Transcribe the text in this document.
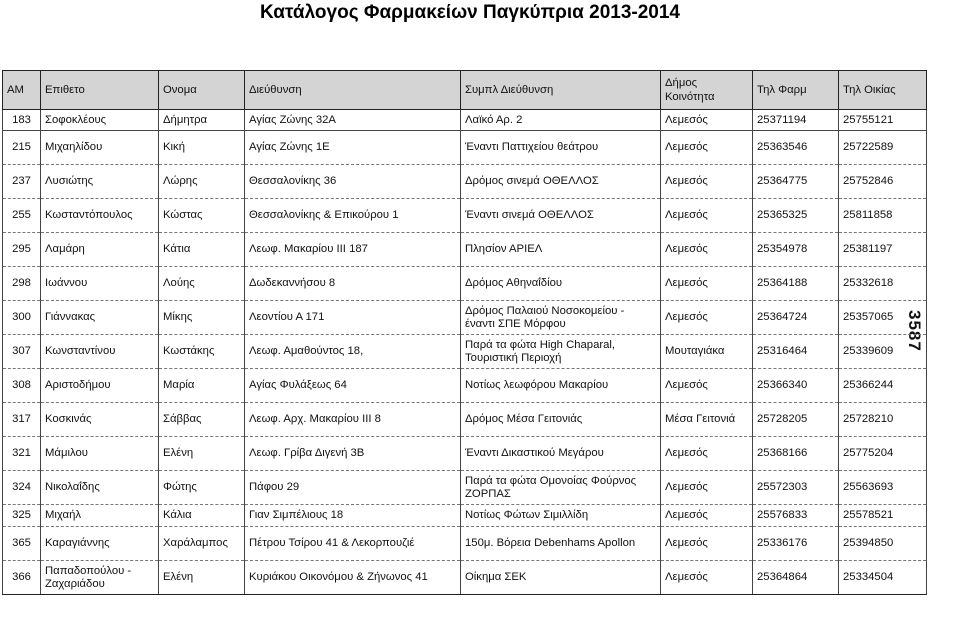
Κατάλογος Φαρμακείων Παγκύπρια 2013-2014
3587
AM	Επιθετο	Ονομα	Διεύθυνση	Συμπλ Διεύθυνση	Δήμος Κοινότητα	Τηλ Φαρμ	Τηλ Οικίας
183	Σοφοκλέους	Δήμητρα	Αγίας Ζώνης 32Α	Λαϊκό Αρ. 2	Λεμεσός	25371194	25755121
215	Μιχαηλίδου	Κική	Αγίας Ζώνης 1Ε	Έναντι Παττιχείου θεάτρου	Λεμεσός	25363546	25722589
237	Λυσιώτης	Λώρης	Θεσσαλονίκης 36	Δρόμος σινεμά ΟΘΕΛΛΟΣ	Λεμεσός	25364775	25752846
255	Κωσταντόπουλος	Κώστας	Θεσσαλονίκης & Επικούρου 1	Έναντι σινεμά ΟΘΕΛΛΟΣ	Λεμεσός	25365325	25811858
295	Λαμάρη	Κάτια	Λεωφ. Μακαρίου ΙΙΙ 187	Πλησίον ΑΡΙΕΛ	Λεμεσός	25354978	25381197
298	Ιωάννου	Λούης	Δωδεκαννήσου 8	Δρόμος Αθηναΐδίου	Λεμεσός	25364188	25332618
300	Γιάννακας	Μίκης	Λεοντίου Α 171	Δρόμος Παλαιού Νοσοκομείου - έναντι ΣΠΕ Μόρφου	Λεμεσός	25364724	25357065
307	Κωνσταντίνου	Κωστάκης	Λεωφ. Αμαθούντος 18,	Παρά τα φώτα High Chaparal, Τουριστική Περιοχή	Μουταγιάκα	25316464	25339609
308	Αριστοδήμου	Μαρία	Αγίας Φυλάξεως 64	Νοτίως λεωφόρου Μακαρίου	Λεμεσός	25366340	25366244
317	Κοσκινάς	Σάββας	Λεωφ. Αρχ. Μακαρίου ΙΙΙ 8	Δρόμος Μέσα Γειτονιάς	Μέσα Γειτονιά	25728205	25728210
321	Μάμιλου	Ελένη	Λεωφ. Γρίβα Διγενή 3Β	Έναντι Δικαστικού Μεγάρου	Λεμεσός	25368166	25775204
324	Νικολαΐδης	Φώτης	Πάφου 29	Παρά τα φώτα Ομονοίας Φούρνος ΖΟΡΠΑΣ	Λεμεσός	25572303	25563693
325	Μιχαήλ	Κάλια	Γιαν Σιμπέλιους 18	Νοτίως Φώτων Σιμιλλίδη	Λεμεσός	25576833	25578521
365	Καραγιάννης	Χαράλαμπος	Πέτρου Τσίρου 41 & Λεκορπουζιέ	150μ. Βόρεια Debenhams Apollon	Λεμεσός	25336176	25394850
366	Παπαδοπούλου - Ζαχαριάδου	Ελένη	Κυριάκου Οικονόμου & Ζήνωνος 41	Οίκημα ΣΕΚ	Λεμεσός	25364864	25334504
